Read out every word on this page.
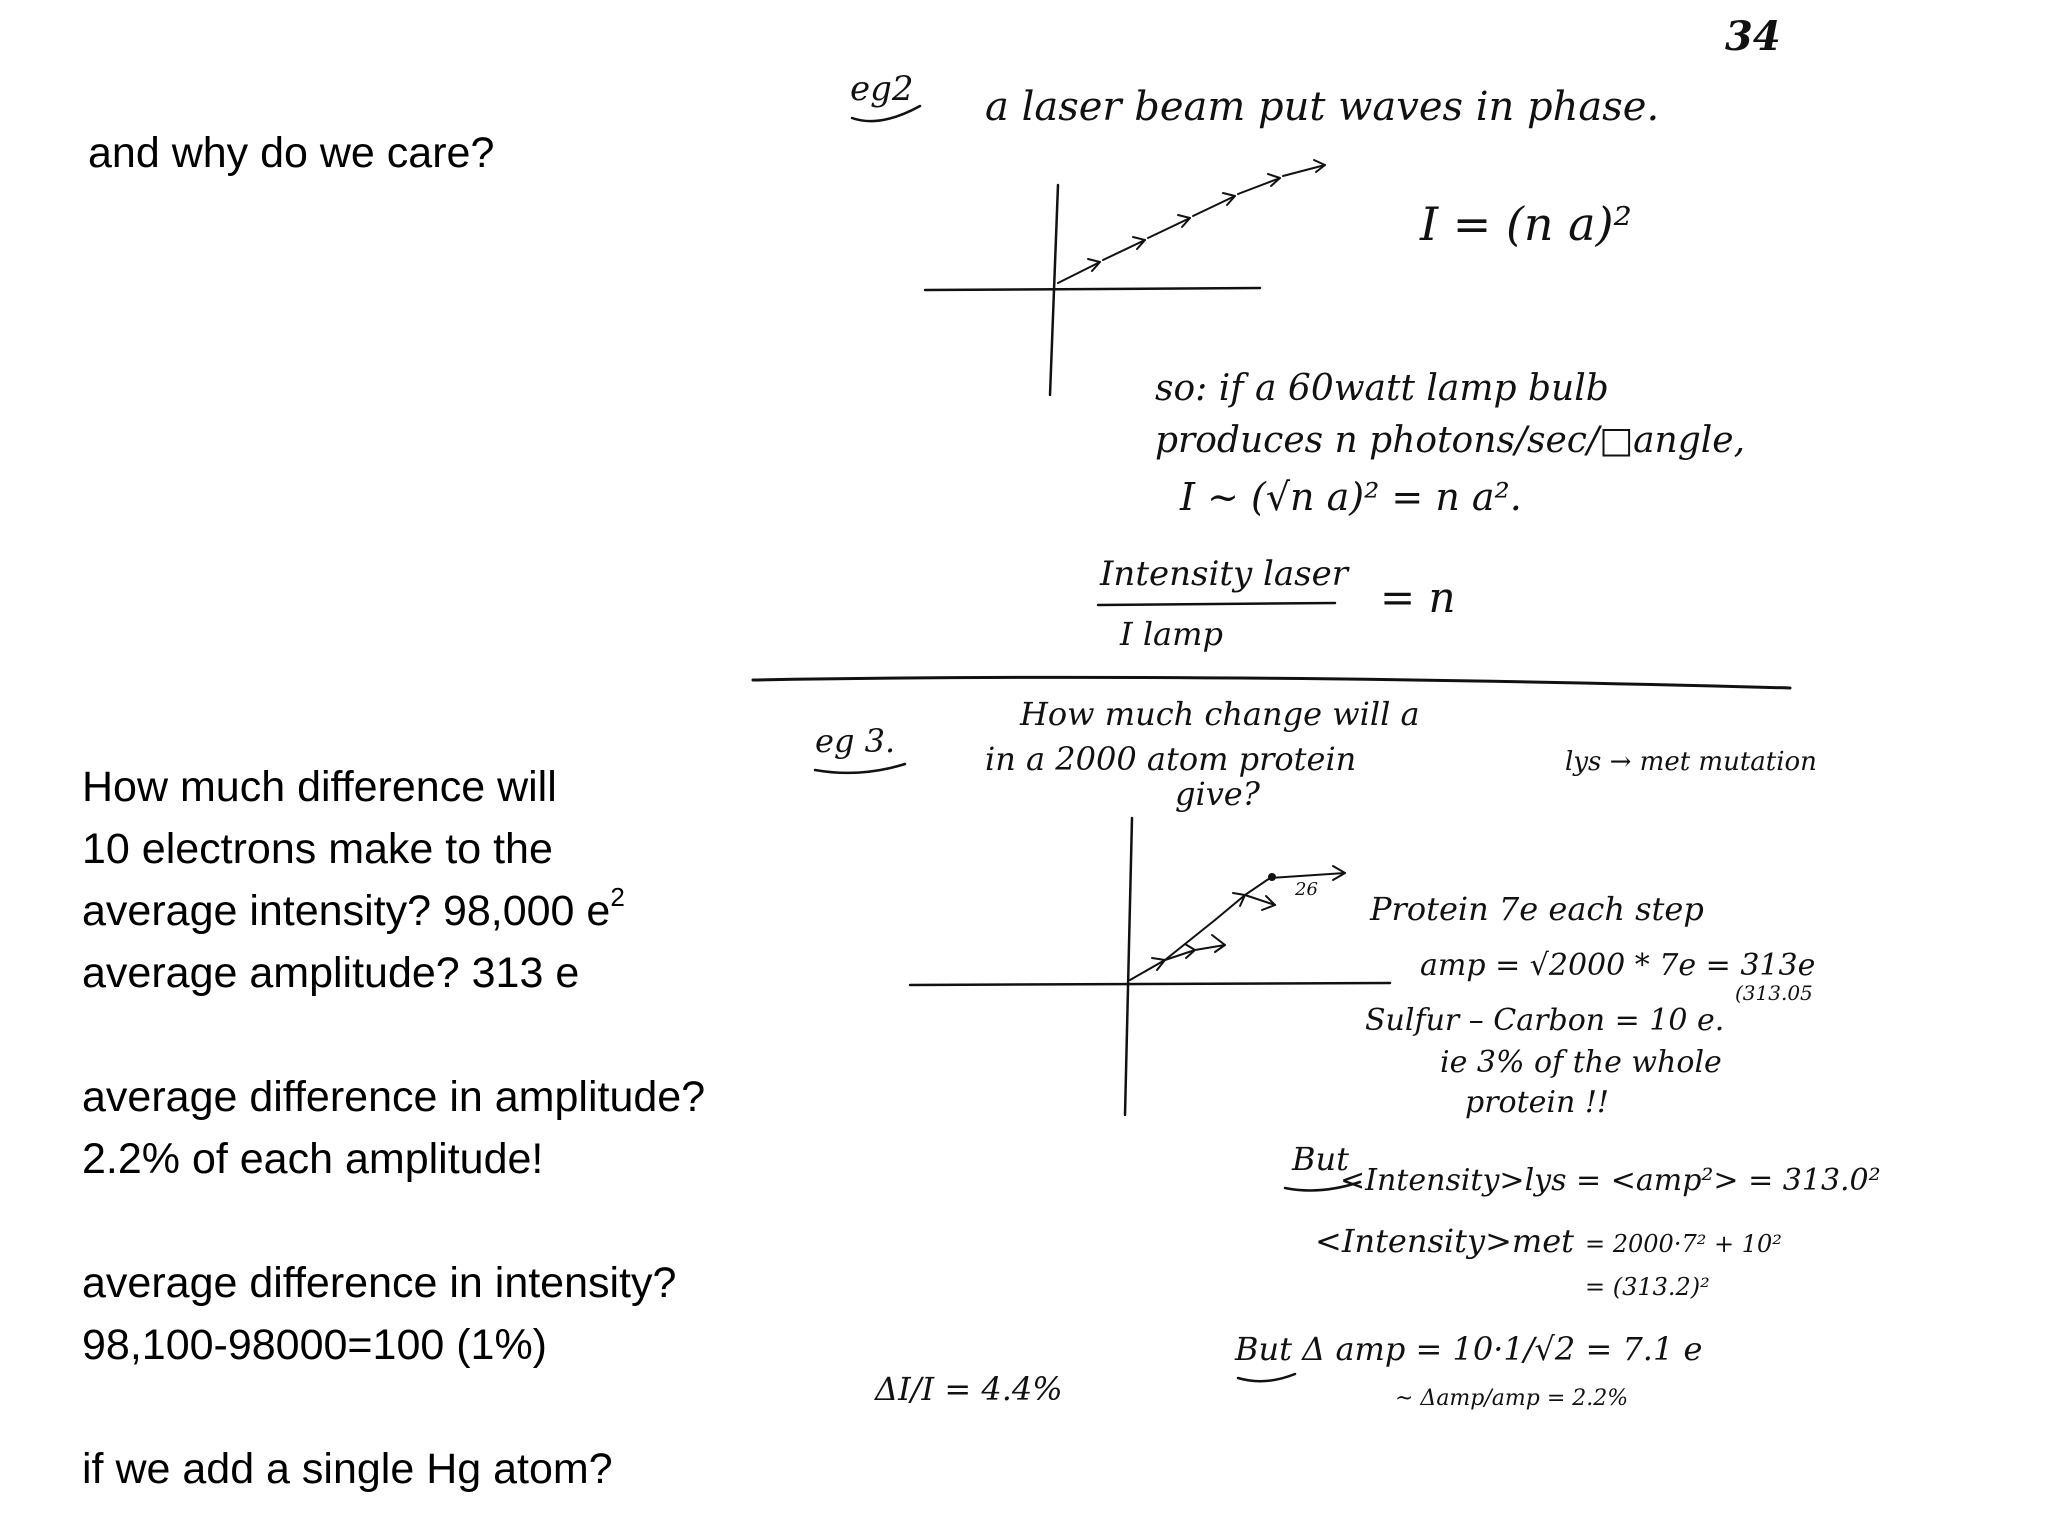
and why do we care?
How much difference will
10 electrons make to the
average intensity? 98,000 $e^2$
average amplitude? 313 e
average difference in amplitude?
2.2% of each amplitude!
average difference in intensity?
98,100-98000=100 (1%)
if we add a single Hg atom?
34
eg2 a laser beam put waves in phase.
I = (n a)²
so: if a 60watt lamp bulb
produces n photons/sec/□angle,
I ~ (√n a)² = n a².
Intensity laser
I lamp
= n
eg 3.
How much change will a
in a 2000 atom protein
give?
lys → met mutation
26
Protein 7e each step
amp = √2000 * 7e = 313e
(313.05
Sulfur – Carbon = 10 e.
ie 3% of the whole
protein !!
But
<Intensity>lys = <amp²> = 313.0²
<Intensity>met = 2000·7² + 10²
= (313.2)²
But Δ amp = 10·1/√2 = 7.1 e
~ Δamp/amp = 2.2%
ΔI/I = 4.4%
